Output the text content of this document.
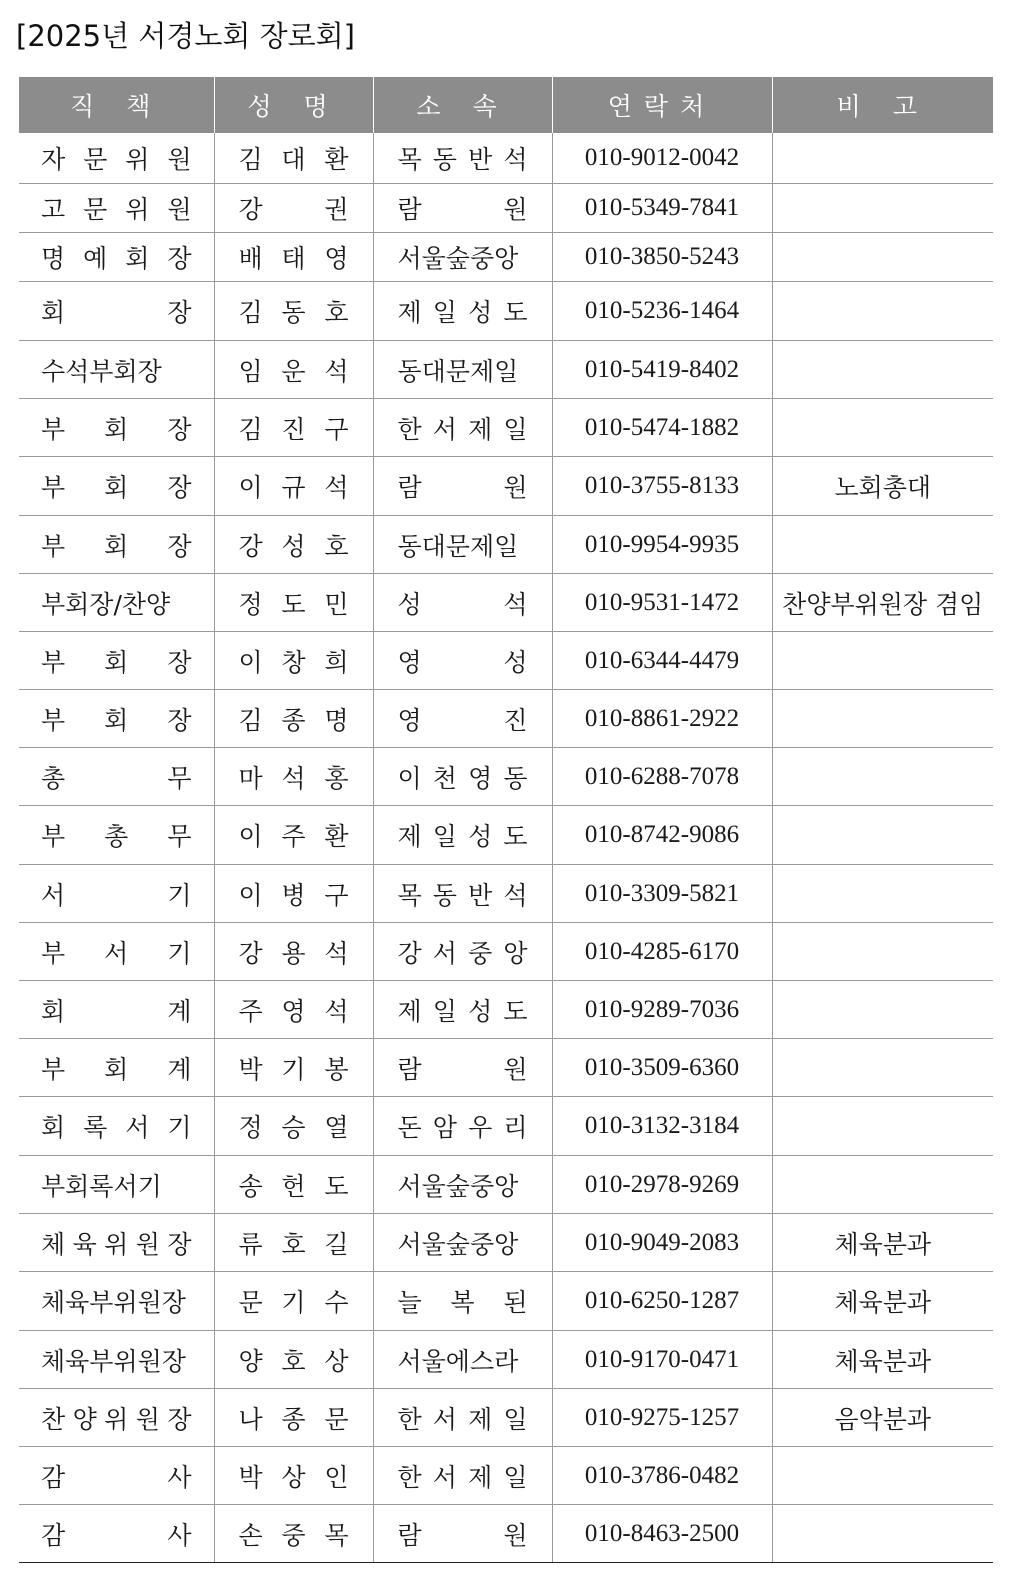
[2025년 서경노회 장로회]
직 책	성 명	소 속	연락처	비 고

자 문 위 원	김 대 환	목 동 반 석	010-9012-0042	

고 문 위 원	강 권	람 원	010-5349-7841	

명 예 회 장	배 태 영	서울숲중앙	010-3850-5243	

회 장	김 동 호	제 일 성 도	010-5236-1464	
수석부회장	임 운 석	동대문제일	010-5419-8402	

부 회 장	김 진 구	한 서 제 일	010-5474-1882	

부 회 장	이 규 석	람 원	010-3755-8133	노회총대

부 회 장	강 성 호	동대문제일	010-9954-9935	
부회장/찬양	정 도 민	성 석	010-9531-1472	찬양부위원장 겸임

부 회 장	이 창 희	영 성	010-6344-4479	

부 회 장	김 종 명	영 진	010-8861-2922	

총 무	마 석 홍	이 천 영 동	010-6288-7078	

부 총 무	이 주 환	제 일 성 도	010-8742-9086	

서 기	이 병 구	목 동 반 석	010-3309-5821	

부 서 기	강 용 석	강 서 중 앙	010-4285-6170	

회 계	주 영 석	제 일 성 도	010-9289-7036	

부 회 계	박 기 봉	람 원	010-3509-6360	

회 록 서 기	정 승 열	돈 암 우 리	010-3132-3184	
부회록서기	송 헌 도	서울숲중앙	010-2978-9269	

체 육 위 원 장	류 호 길	서울숲중앙	010-9049-2083	체육분과
체육부위원장	문 기 수	늘 복 된	010-6250-1287	체육분과
체육부위원장	양 호 상	서울에스라	010-9170-0471	체육분과

찬 양 위 원 장	나 종 문	한 서 제 일	010-9275-1257	음악분과

감 사	박 상 인	한 서 제 일	010-3786-0482	

감 사	손 중 목	람 원	010-8463-2500	
